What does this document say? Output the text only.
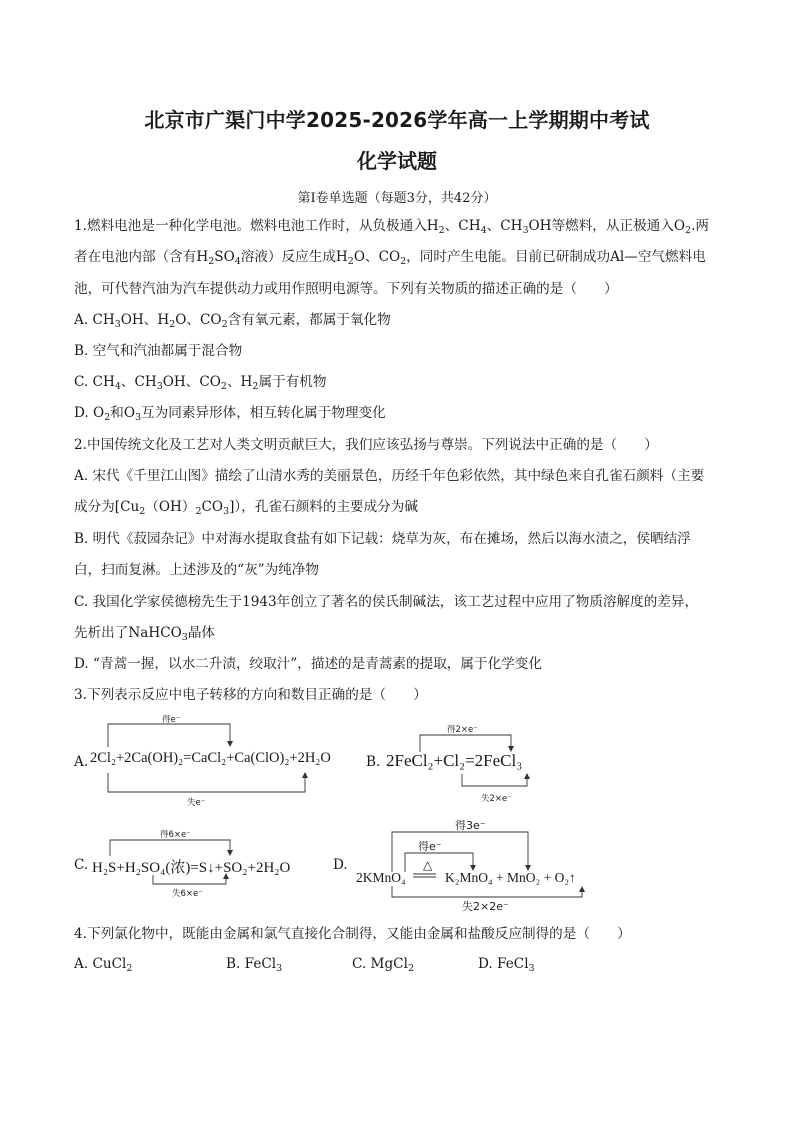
北京市广渠门中学2025-2026学年高一上学期期中考试
化学试题
第Ⅰ卷单选题（每题3分，共42分）
1.燃料电池是一种化学电池。燃料电池工作时，从负极通入$H_2$、$CH_4$、$CH_3OH$等燃料，从正极通入$O_2$.两
者在电池内部（含有$H_2SO_4$溶液）反应生成$H_2O$、$CO_2$，同时产生电能。目前已研制成功Al—空气燃料电
池，可代替汽油为汽车提供动力或用作照明电源等。下列有关物质的描述正确的是（　　）
A. $CH_3OH$、$H_2O$、$CO_2$含有氧元素，都属于氧化物
B. 空气和汽油都属于混合物
C. $CH_4$、$CH_3OH$、$CO_2$、$H_2$属于有机物
D. $O_2$和$O_3$互为同素异形体，相互转化属于物理变化
2.中国传统文化及工艺对人类文明贡献巨大，我们应该弘扬与尊崇。下列说法中正确的是（　　）
A. 宋代《千里江山图》描绘了山清水秀的美丽景色，历经千年色彩依然，其中绿色来自孔雀石颜料（主要
成分为$[Cu_2(OH)_2CO_3]$），孔雀石颜料的主要成分为碱
B. 明代《菽园杂记》中对海水提取食盐有如下记载：烧草为灰，布在摊场，然后以海水渍之，侯晒结浮
白，扫而复淋。上述涉及的“灰”为纯净物
C. 我国化学家侯德榜先生于1943年创立了著名的侯氏制碱法，该工艺过程中应用了物质溶解度的差异，
先析出了NaHCO$_3$晶体
D. “青蒿一握，以水二升渍，绞取汁”，描述的是青蒿素的提取，属于化学变化
3.下列表示反应中电子转移的方向和数目正确的是（　　）
A.
得e⁻
失e⁻
2Cl₂+2Ca(OH)₂=CaCl₂+Ca(ClO)₂+2H₂O	B.
得2×e⁻
失2×e⁻
2FeCl₂+Cl₂=2FeCl₃
C.
得6×e⁻
失6×e⁻
H₂S+H₂SO₄(浓)=S↓+SO₂+2H₂O	D.
得3e⁻
得e⁻
失2×2e⁻
△
2KMnO₄	K₂MnO₄ + MnO₂ + O₂↑
4.下列氯化物中，既能由金属和氯气直接化合制得，又能由金属和盐酸反应制得的是（　　）
A. CuCl$_2$	B. FeCl$_3$	C. MgCl$_2$	D. FeCl$_3$
